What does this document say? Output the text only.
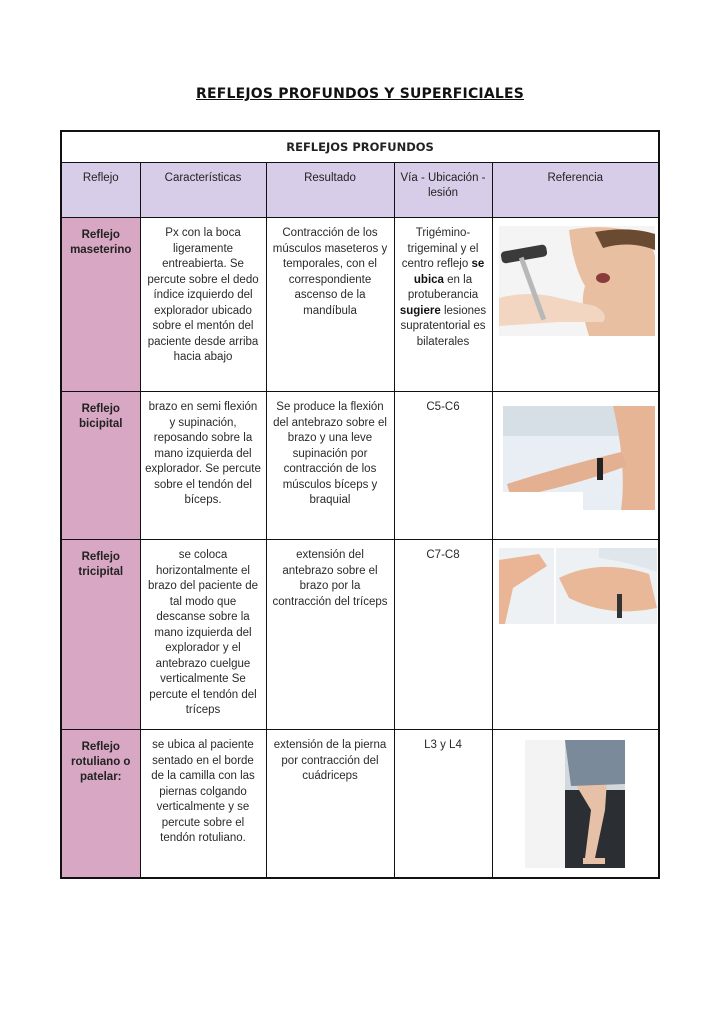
REFLEJOS PROFUNDOS Y SUPERFICIALES
REFLEJOS PROFUNDOS				
Reflejo	Características	Resultado	Vía - Ubicación - lesión	Referencia
Reflejo maseterino	Px con la boca ligeramente entreabierta. Se percute sobre el dedo índice izquierdo del explorador ubicado sobre el mentón del paciente desde arriba hacia abajo	Contracción de los músculos maseteros y temporales, con el correspondiente ascenso de la mandíbula	Trigémino-trigeminal y el centro reflejo se ubica en la protuberancia sugiere lesiones supratentorial es bilaterales	

Reflejo bicipital	brazo en semi flexión y supinación, reposando sobre la mano izquierda del explorador. Se percute sobre el tendón del bíceps.	Se produce la flexión del antebrazo sobre el brazo y una leve supinación por contracción de los músculos bíceps y braquial	C5-C6	

Reflejo tricipital	se coloca horizontalmente el brazo del paciente de tal modo que descanse sobre la mano izquierda del explorador y el antebrazo cuelgue verticalmente Se percute el tendón del tríceps	extensión del antebrazo sobre el brazo por la contracción del tríceps	C7-C8	

Reflejo rotuliano o patelar:	se ubica al paciente sentado en el borde de la camilla con las piernas colgando verticalmente y se percute sobre el tendón rotuliano.	extensión de la pierna por contracción del cuádriceps	L3 y L4	
